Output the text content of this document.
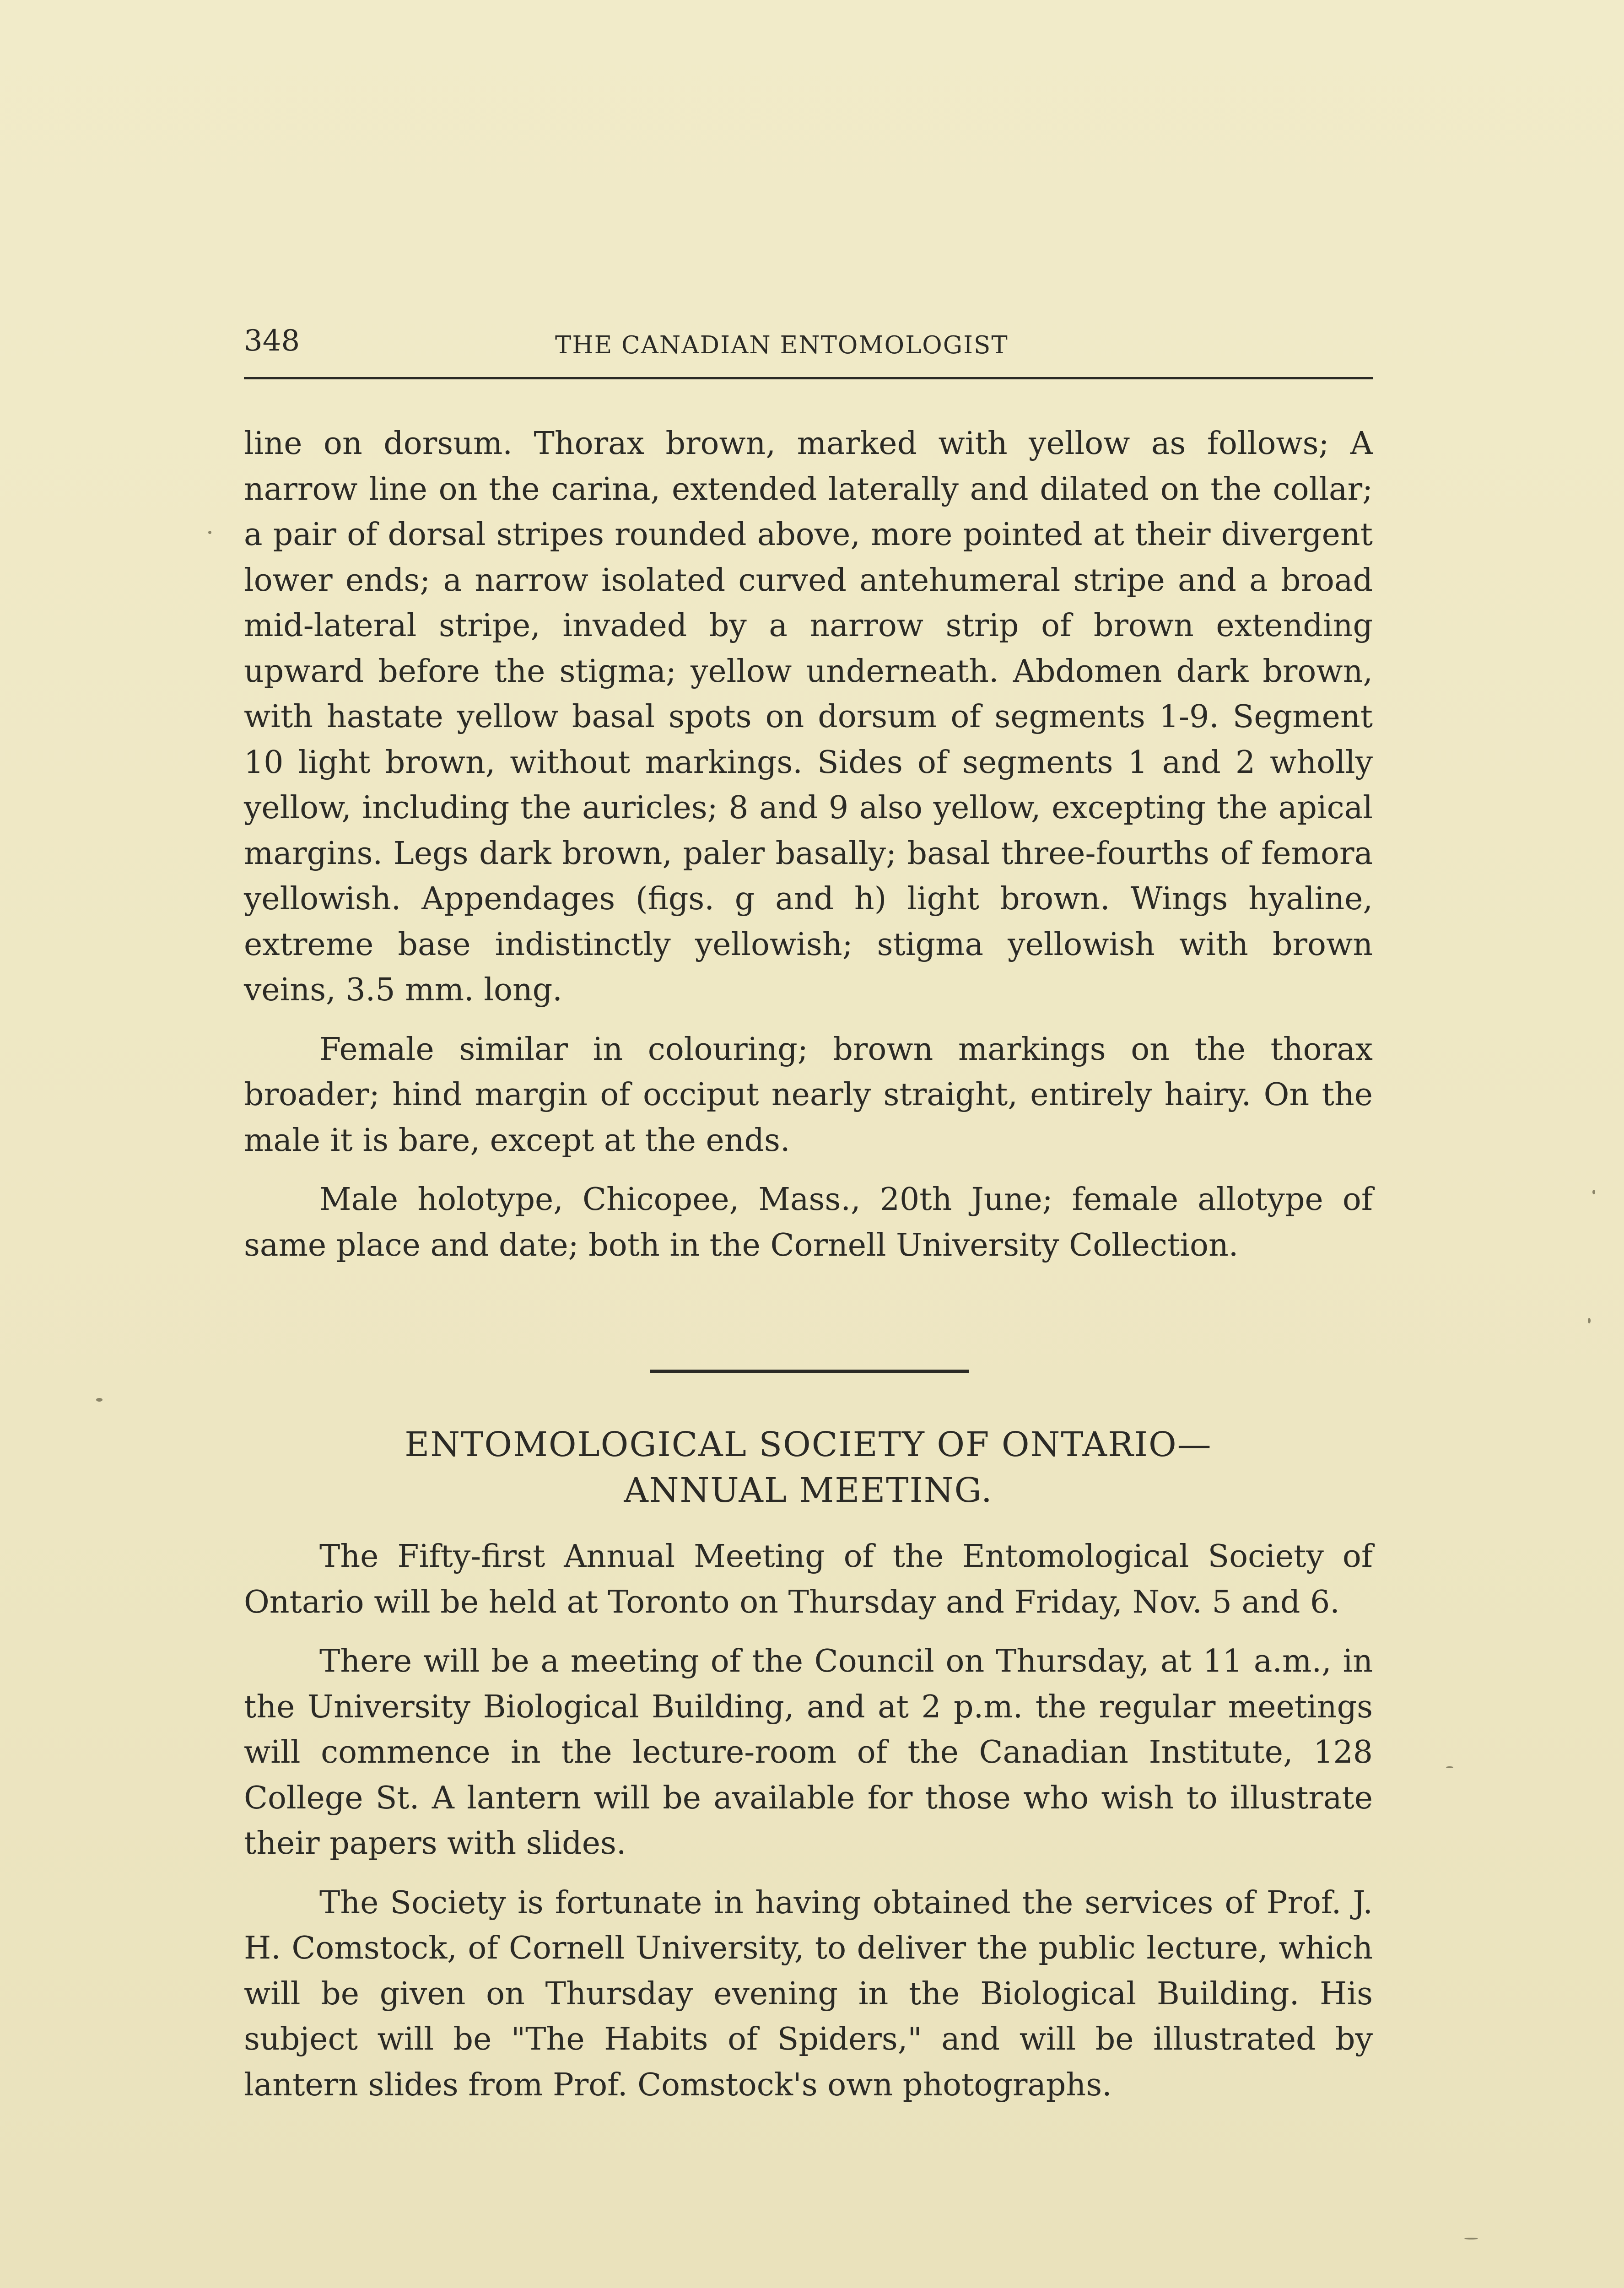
348	THE CANADIAN ENTOMOLOGIST

line on dorsum. Thorax brown, marked with yellow as follows; A narrow line on the carina, extended laterally and dilated on the collar; a pair of dorsal stripes rounded above, more pointed at their divergent lower ends; a narrow isolated curved antehumeral stripe and a broad mid-lateral stripe, invaded by a narrow strip of brown extending upward before the stigma; yellow underneath. Abdomen dark brown, with hastate yellow basal spots on dorsum of segments 1-9. Segment 10 light brown, without markings. Sides of segments 1 and 2 wholly yellow, including the auricles; 8 and 9 also yellow, excepting the apical margins. Legs dark brown, paler basally; basal three-fourths of femora yellowish. Appendages (figs. g and h) light brown. Wings hyaline, extreme base indistinctly yellowish; stigma yellowish with brown veins, 3.5 mm. long.

Female similar in colouring; brown markings on the thorax broader; hind margin of occiput nearly straight, entirely hairy. On the male it is bare, except at the ends.

Male holotype, Chicopee, Mass., 20th June; female allotype of same place and date; both in the Cornell University Collection.

ENTOMOLOGICAL SOCIETY OF ONTARIO—
ANNUAL MEETING.

The Fifty-first Annual Meeting of the Entomological Society of Ontario will be held at Toronto on Thursday and Friday, Nov. 5 and 6.

There will be a meeting of the Council on Thursday, at 11 a.m., in the University Biological Building, and at 2 p.m. the regular meetings will commence in the lecture-room of the Canadian Institute, 128 College St. A lantern will be available for those who wish to illustrate their papers with slides.

The Society is fortunate in having obtained the services of Prof. J. H. Comstock, of Cornell University, to deliver the public lecture, which will be given on Thursday evening in the Biological Building. His subject will be "The Habits of Spiders," and will be illustrated by lantern slides from Prof. Comstock's own photographs.
